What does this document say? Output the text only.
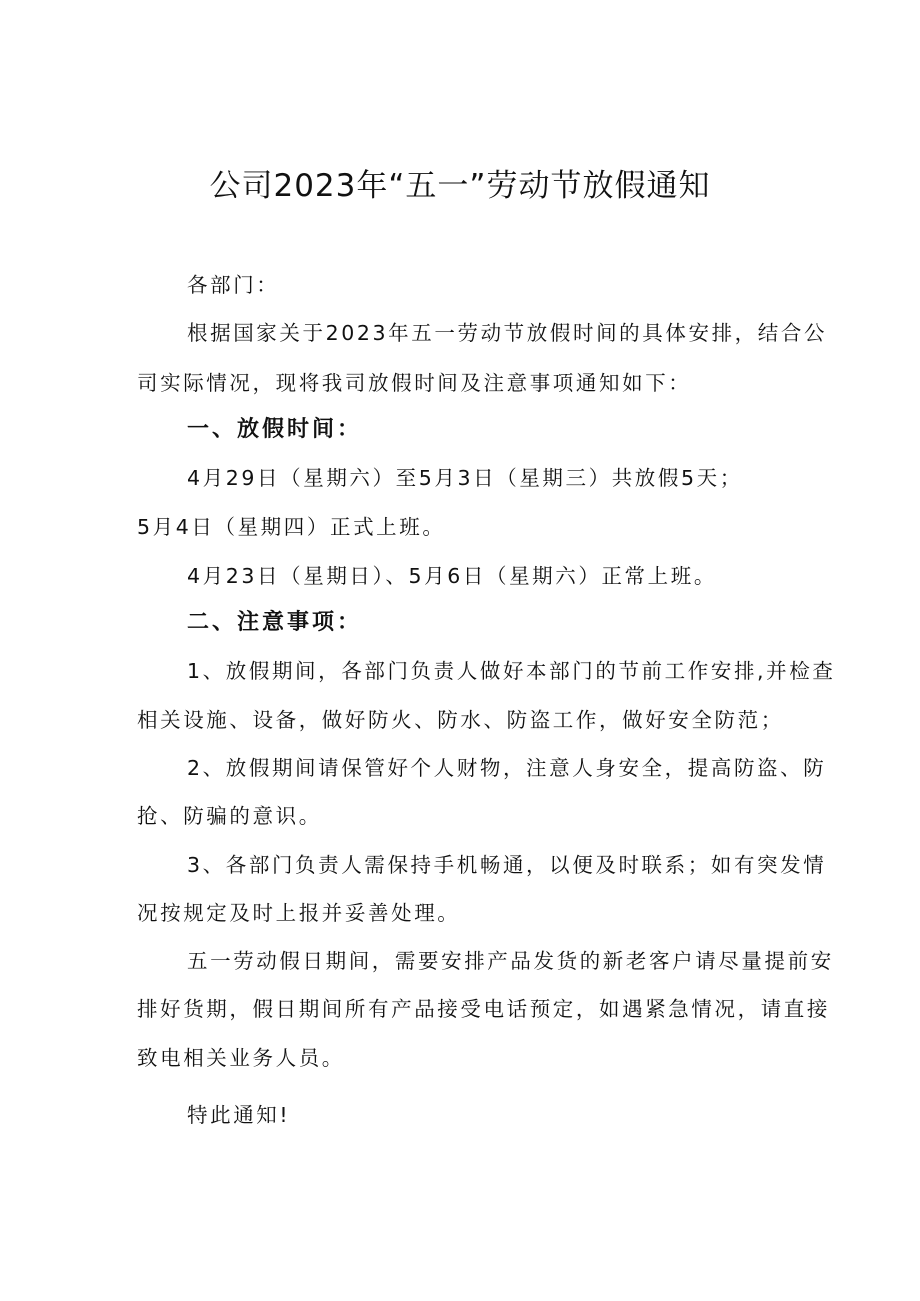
公司2023年“五一”劳动节放假通知
各部门：
根据国家关于2023年五一劳动节放假时间的具体安排，结合公
司实际情况，现将我司放假时间及注意事项通知如下：
一、放假时间：
4月29日（星期六）至5月3日（星期三）共放假5天；
5月4日（星期四）正式上班。
4月23日（星期日）、5月6日（星期六）正常上班。
二、注意事项：
1、放假期间，各部门负责人做好本部门的节前工作安排,并检查
相关设施、设备，做好防火、防水、防盗工作，做好安全防范；
2、放假期间请保管好个人财物，注意人身安全，提高防盗、防
抢、防骗的意识。
3、各部门负责人需保持手机畅通，以便及时联系；如有突发情
况按规定及时上报并妥善处理。
五一劳动假日期间，需要安排产品发货的新老客户请尽量提前安
排好货期，假日期间所有产品接受电话预定，如遇紧急情况，请直接
致电相关业务人员。
特此通知!
